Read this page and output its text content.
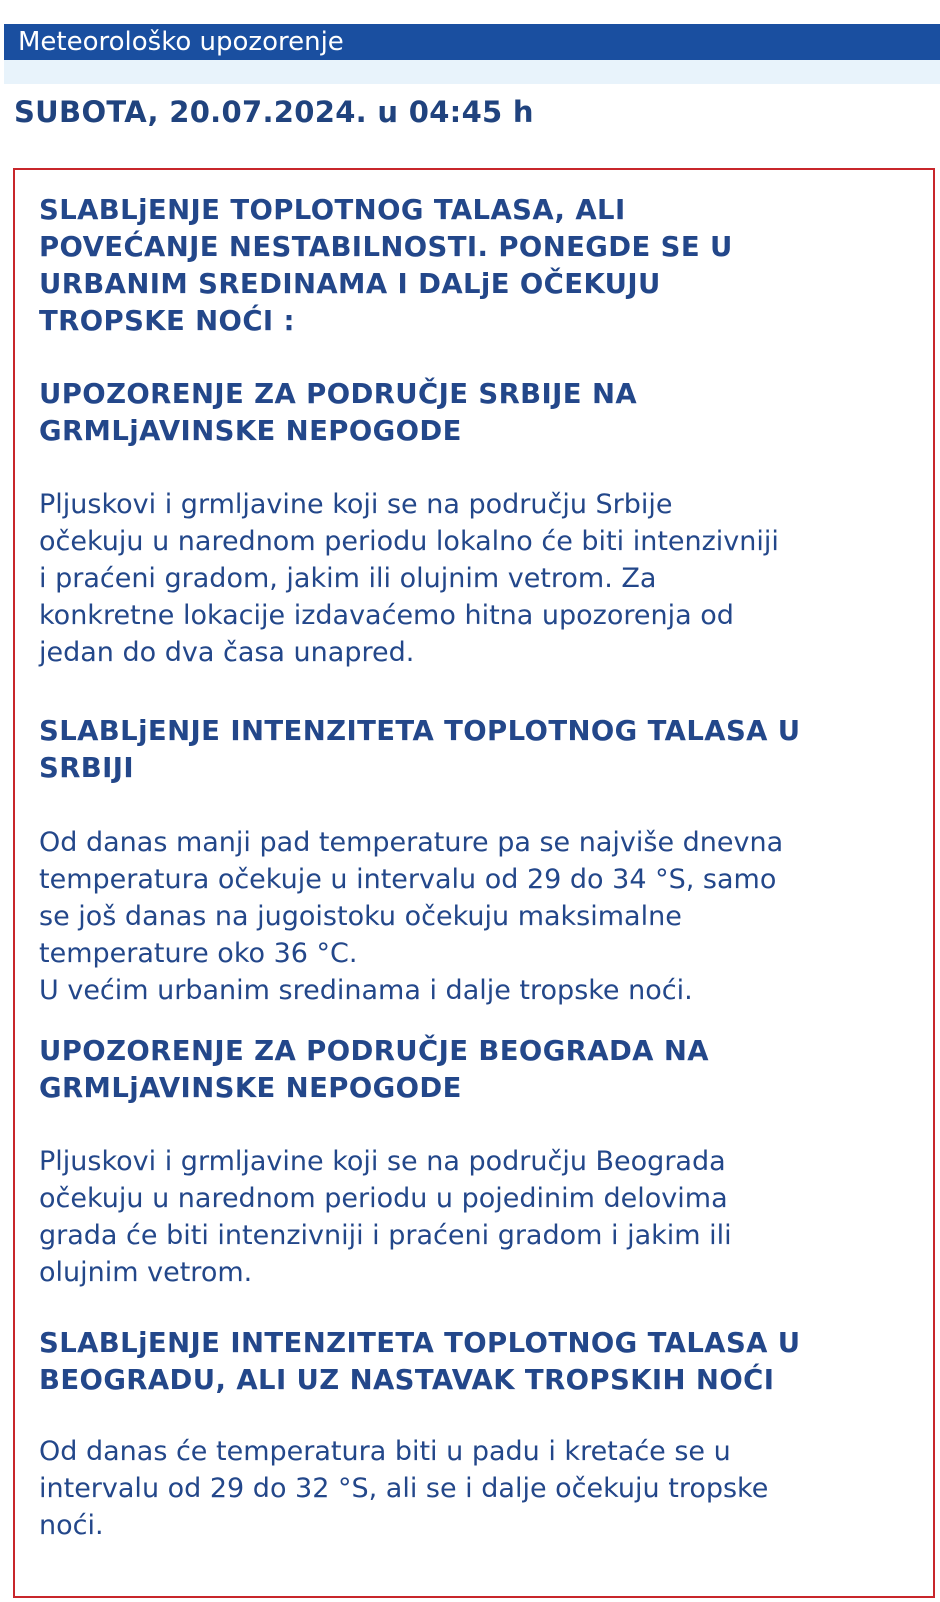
Meteorološko upozorenje
SUBOTA, 20.07.2024. u 04:45 h
SLABLjENJE TOPLOTNOG TALASA, ALI
POVEĆANJE NESTABILNOSTI. PONEGDE SE U
URBANIM SREDINAMA I DALjE OČEKUJU
TROPSKE NOĆI :
UPOZORENJE ZA PODRUČJE SRBIJE NA
GRMLjAVINSKE NEPOGODE

Pljuskovi i grmljavine koji se na području Srbije
očekuju u narednom periodu lokalno će biti intenzivniji
i praćeni gradom, jakim ili olujnim vetrom. Za
konkretne lokacije izdavaćemo hitna upozorenja od
jedan do dva časa unapred.

SLABLjENJE INTENZITETA TOPLOTNOG TALASA U
SRBIJI

Od danas manji pad temperature pa se najviše dnevna
temperatura očekuje u intervalu od 29 do 34 °S, samo
se još danas na jugoistoku očekuju maksimalne
temperature oko 36 °C.
U većim urbanim sredinama i dalje tropske noći.

UPOZORENJE ZA PODRUČJE BEOGRADA NA
GRMLjAVINSKE NEPOGODE

Pljuskovi i grmljavine koji se na području Beograda
očekuju u narednom periodu u pojedinim delovima
grada će biti intenzivniji i praćeni gradom i jakim ili
olujnim vetrom.

SLABLjENJE INTENZITETA TOPLOTNOG TALASA U
BEOGRADU, ALI UZ NASTAVAK TROPSKIH NOĆI

Od danas će temperatura biti u padu i kretaće se u
intervalu od 29 do 32 °S, ali se i dalje očekuju tropske
noći.
